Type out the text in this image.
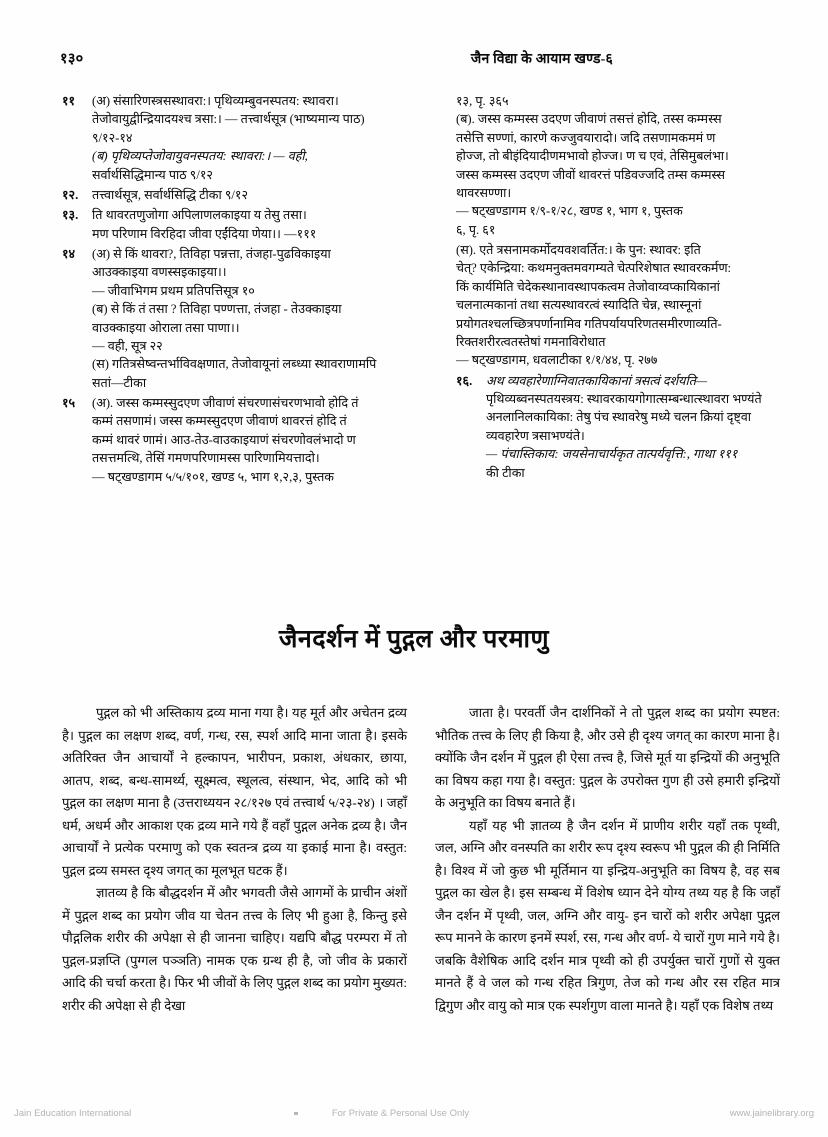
१३०	जैन विद्या के आयाम खण्ड-६
११	(अ) संसारिणस्त्रसस्थावरा:। पृथिव्यम्बुवनस्पतय: स्थावरा।
तेजोवायुद्वीन्द्रियादयश्च त्रसा:। — तत्त्वार्थसूत्र (भाष्यमान्य पाठ)
९/१२-१४
(ब) पृथिव्यप्तेजोवायुवनस्पतय: स्थावरा:। — वही,
सर्वार्थसिद्धिमान्य पाठ ९/१२
१२.	तत्त्वार्थसूत्र, सर्वार्थसिद्धि टीका ९/१२
१३.	ति थावरतणुजोगा अपिलाणलकाइया य तेसु तसा।
मण परिणाम विरहिदा जीवा एईंदिया णेया।। —१११
१४	(अ) से किं थावरा?, तिविहा पन्नत्ता, तंजहा-पुढविकाइया
आउक्काइया वणस्सइकाइया।।
— जीवाभिगम प्रथम प्रतिपत्तिसूत्र १०
(ब) से किं तं तसा ? तिविहा पण्णत्ता, तंजहा - तेउक्काइया
वाउक्काइया ओराला तसा पाणा।।
— वही, सूत्र २२
(स) गतित्रसेष्वन्तर्भाविवक्षणात, तेजोवायूनां लब्ध्या स्थावराणामपि
सतां—टीका
१५	(अ). जस्स कम्मस्सुदएण जीवाणं संचरणासंचरणभावो होदि तं
कम्मं तसणामं। जस्स कम्मस्सुदएण जीवाणं थावरत्तं होदि तं
कम्मं थावरं णामं। आउ-तेउ-वाउकाइयाणं संचरणोवलंभादो ण
तसत्तमत्थि, तेसिं गमणपरिणामस्स पारिणामियत्तादो।
— षट्खण्डागम ५/५/१०१, खण्ड ५, भाग १,२,३, पुस्तक
१३, पृ. ३६५
(ब). जस्स कम्मस्स उदएण जीवाणं तसत्तं होदि, तस्स कम्मस्स
तसेत्ति सण्णां, कारणे कज्जुवयारादो। जदि तसणामकममं ण
होज्ज, तो बीइंदियादीणमभावो होज्ज। ण च एवं, तेसिमुबलंभा।
जस्स कम्मस्स उदएण जीवों थावरत्तं पडिवज्जदि तम्स कम्मस्स
थावरसण्णा।
— षट्खण्डागम १/९-१/२८, खण्ड १, भाग १, पुस्तक
६, पृ. ६१
(स). एते त्रसनामकर्मोदयवशवर्तित:। के पुन: स्थावर: इति
चेत्? एकेन्द्रिया: कथमनुक्तमवगम्यते चेत्परिशेषात स्थावरकर्मण:
किं कार्यमिति चेदेकस्थानावस्थापकत्वम तेजोवाय्वप्कायिकानां
चलनात्मकानां तथा सत्यस्थावरत्वं स्यादिति चेन्न, स्थास्नूनां
प्रयोगतश्चलच्छित्रपर्णानामिव गतिपर्यायपरिणतसमीरणाव्यति-
रिक्तशरीरत्वतस्तेषां गमनाविरोधात
— षट्खण्डागम, धवलाटीका १/१/४४, पृ. २७७
१६.	अथ व्यवहारेणाग्निवातकायिकानां त्रसत्वं दर्शयति—
पृथिव्यब्वनस्पतयस्त्रय: स्थावरकायगोगात्सम्बन्धात्स्थावरा भण्यंते
अनलानिलकायिका: तेषु पंच स्थावरेषु मध्ये चलन क्रियां दृष्ट्वा
व्यवहारेण त्रसाभण्यंते।
— पंचास्तिकाय: जयसेनाचार्यकृत तात्पर्यवृत्ति:, गाथा १११
की टीका
जैनदर्शन में पुद्गल और परमाणु

पुद्गल को भी अस्तिकाय द्रव्य माना गया है। यह मूर्त और अचेतन द्रव्य है। पुद्गल का लक्षण शब्द, वर्ण, गन्ध, रस, स्पर्श आदि माना जाता है। इसके अतिरिक्त जैन आचार्यों ने हल्कापन, भारीपन, प्रकाश, अंधकार, छाया, आतप, शब्द, बन्ध-सामर्थ्य, सूक्ष्मत्व, स्थूलत्व, संस्थान, भेद, आदि को भी पुद्गल का लक्षण माना है (उत्तराध्ययन २८/१२७ एवं तत्त्वार्थ ५/२३-२४) । जहाँ धर्म, अधर्म और आकाश एक द्रव्य माने गये हैं वहाँ पुद्गल अनेक द्रव्य है। जैन आचार्यों ने प्रत्येक परमाणु को एक स्वतन्त्र द्रव्य या इकाई माना है। वस्तुत: पुद्गल द्रव्य समस्त दृश्य जगत् का मूलभूत घटक हैं।

ज्ञातव्य है कि बौद्धदर्शन में और भगवती जैसे आगमों के प्राचीन अंशों में पुद्गल शब्द का प्रयोग जीव या चेतन तत्त्व के लिए भी हुआ है, किन्तु इसे पौद्गलिक शरीर की अपेक्षा से ही जानना चाहिए। यद्यपि बौद्ध परम्परा में तो पुद्गल-प्रज्ञप्ति (पुग्गल पञ्ञति) नामक एक ग्रन्थ ही है, जो जीव के प्रकारों आदि की चर्चा करता है। फिर भी जीवों के लिए पुद्गल शब्द का प्रयोग मुख्यत: शरीर की अपेक्षा से ही देखा

जाता है। परवर्ती जैन दार्शनिकों ने तो पुद्गल शब्द का प्रयोग स्पष्टत: भौतिक तत्त्व के लिए ही किया है, और उसे ही दृश्य जगत् का कारण माना है। क्योंकि जैन दर्शन में पुद्गल ही ऐसा तत्त्व है, जिसे मूर्त या इन्द्रियों की अनुभूति का विषय कहा गया है। वस्तुत: पुद्गल के उपरोक्त गुण ही उसे हमारी इन्द्रियों के अनुभूति का विषय बनाते हैं।

यहाँ यह भी ज्ञातव्य है जैन दर्शन में प्राणीय शरीर यहाँ तक पृथ्वी, जल, अग्नि और वनस्पति का शरीर रूप दृश्य स्वरूप भी पुद्गल की ही निर्मिति है। विश्व में जो कुछ भी मूर्तिमान या इन्द्रिय-अनुभूति का विषय है, वह सब पुद्गल का खेल है। इस सम्बन्ध में विशेष ध्यान देने योग्य तथ्य यह है कि जहाँ जैन दर्शन में पृथ्वी, जल, अग्नि और वायु- इन चारों को शरीर अपेक्षा पुद्गल रूप मानने के कारण इनमें स्पर्श, रस, गन्ध और वर्ण- ये चारों गुण माने गये है। जबकि वैशेषिक आदि दर्शन मात्र पृथ्वी को ही उपर्युक्त चारों गुणों से युक्त मानते हैं वे जल को गन्ध रहित त्रिगुण, तेज को गन्ध और रस रहित मात्र द्विगुण और वायु को मात्र एक स्पर्शगुण वाला मानते है। यहाँ एक विशेष तथ्य

Jain Education International	For Private & Personal Use Only	www.jainelibrary.org
